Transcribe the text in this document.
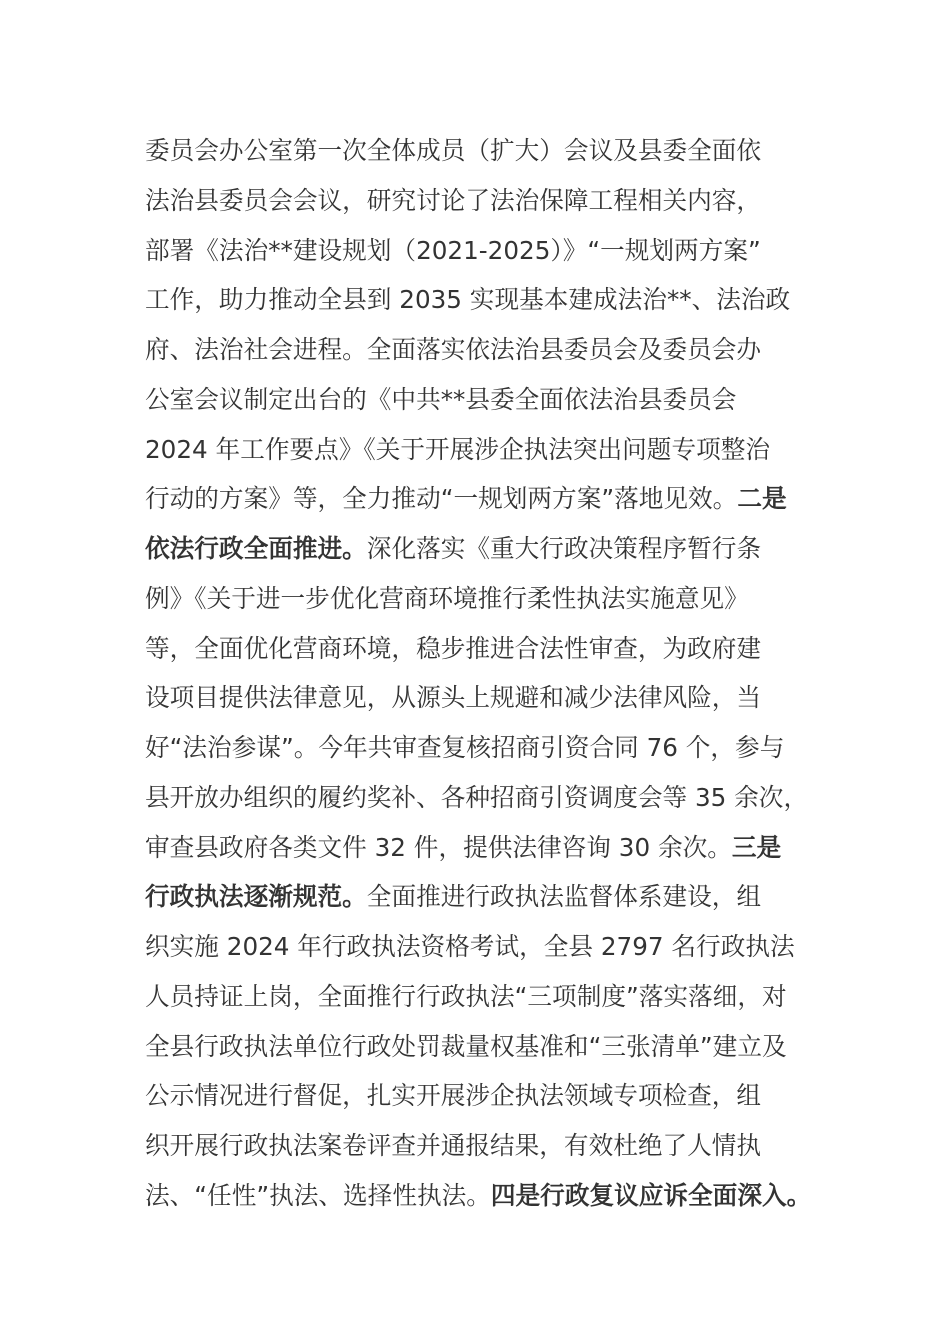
委员会办公室第一次全体成员（扩大）会议及县委全面依
法治县委员会会议，研究讨论了法治保障工程相关内容，
部署《法治**建设规划（2021-2025）》“一规划两方案”
工作，助力推动全县到 2035 实现基本建成法治**、法治政
府、法治社会进程。全面落实依法治县委员会及委员会办
公室会议制定出台的《中共**县委全面依法治县委员会
2024 年工作要点》《关于开展涉企执法突出问题专项整治
行动的方案》等，全力推动“一规划两方案”落地见效。二是
依法行政全面推进。深化落实《重大行政决策程序暂行条
例》《关于进一步优化营商环境推行柔性执法实施意见》
等，全面优化营商环境，稳步推进合法性审查，为政府建
设项目提供法律意见，从源头上规避和减少法律风险，当
好“法治参谋”。今年共审查复核招商引资合同 76 个，参与
县开放办组织的履约奖补、各种招商引资调度会等 35 余次，
审查县政府各类文件 32 件，提供法律咨询 30 余次。三是
行政执法逐渐规范。全面推进行政执法监督体系建设，组
织实施 2024 年行政执法资格考试，全县 2797 名行政执法
人员持证上岗，全面推行行政执法“三项制度”落实落细，对
全县行政执法单位行政处罚裁量权基准和“三张清单”建立及
公示情况进行督促，扎实开展涉企执法领域专项检查，组
织开展行政执法案卷评查并通报结果，有效杜绝了人情执
法、“任性”执法、选择性执法。四是行政复议应诉全面深入。
